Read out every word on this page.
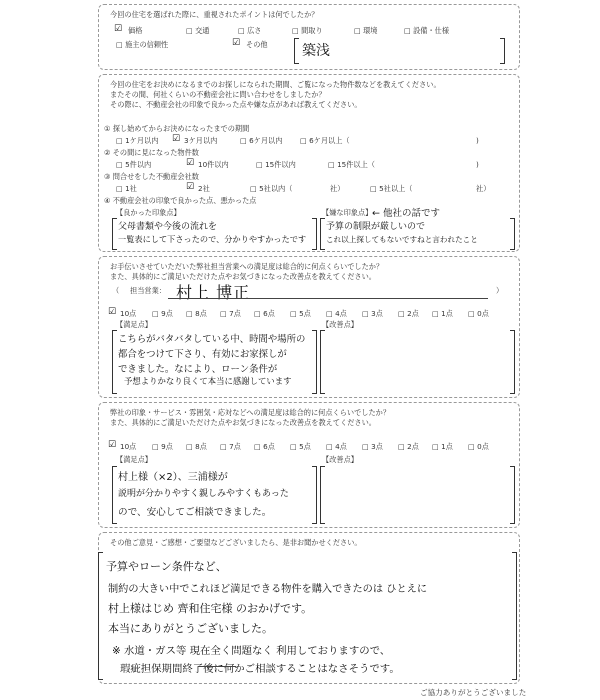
今回の住宅を選ばれた際に、重視されたポイントは何でしたか？
☑ 価格	□ 交通	□ 広さ	□ 間取り	□ 環境	□ 設備・仕様
□ 施主の信頼性	☑ その他 築浅
今回の住宅をお決めになるまでのお探しになられた期間、ご覧になった物件数などを教えてください。
またその間、何社くらいの不動産会社に問い合わせをしましたか？
その際に、不動産会社の印象で良かった点や嫌な点があれば教えてください。
① 探し始めてからお決めになったまでの期間
□ 1ケ月以内 ☑ 3ケ月以内	□ 6ケ月以内 □ 6ケ月以上（	)
② その間に見になった物件数
□ 5件以内	☑ 10件以内	□ 15件以内	□ 15件以上（	)
③ 問合せをした不動産会社数
□ 1社	☑ 2社	□ 5社以内（	社）	□ 5社以上（	社）
④ 不動産会社の印象で良かった点、悪かった点
【良かった印象点】	【嫌な印象点】 ← 他社の話です
父母書類や今後の流れを
一覧表にして下さったので、分かりやすかったです
予算の制限が厳しいので
これ以上探してもないですねと言われたこと
お手伝いさせていただいた弊社担当営業への満足度は総合的に何点くらいでしたか？
また、具体的にご満足いただけた点やお気づきになった改善点を教えてください。
（ 担当営業： 村上 博正	）
☑ 10点 □ 9点 □ 8点 □ 7点 □ 6点 □ 5点 □ 4点 □ 3点 □ 2点 □ 1点 □ 0点
【満足点】	【改善点】
こちらがバタバタしている中、時間や場所の
都合をつけて下さり、有効にお家探しが
できました。なにより、ローン条件が
予想よりかなり良くて本当に感謝しています
弊社の印象・サービス・雰囲気・応対などへの満足度は総合的に何点くらいでしたか？
また、具体的にご満足いただけた点やお気づきになった改善点を教えてください。
☑ 10点 □ 9点 □ 8点 □ 7点 □ 6点 □ 5点 □ 4点 □ 3点 □ 2点 □ 1点 □ 0点
【満足点】	【改善点】
村上様（×2）、三浦様が
説明が分かりやすく親しみやすくもあった
ので、安心してご相談できました。
その他ご意見・ご感想・ご要望などございましたら、是非お聞かせください。
予算やローン条件など、
制約の大きい中でこれほど満足できる物件を購入できたのは ひとえに
村上様はじめ 齊和住宅様 のおかげです。
本当にありがとうございました。
※ 水道・ガス等 現在全く問題なく 利用しておりますので、
瑕疵担保期間終了後に何かご相談することはなさそうです。
ご協力ありがとうございました
